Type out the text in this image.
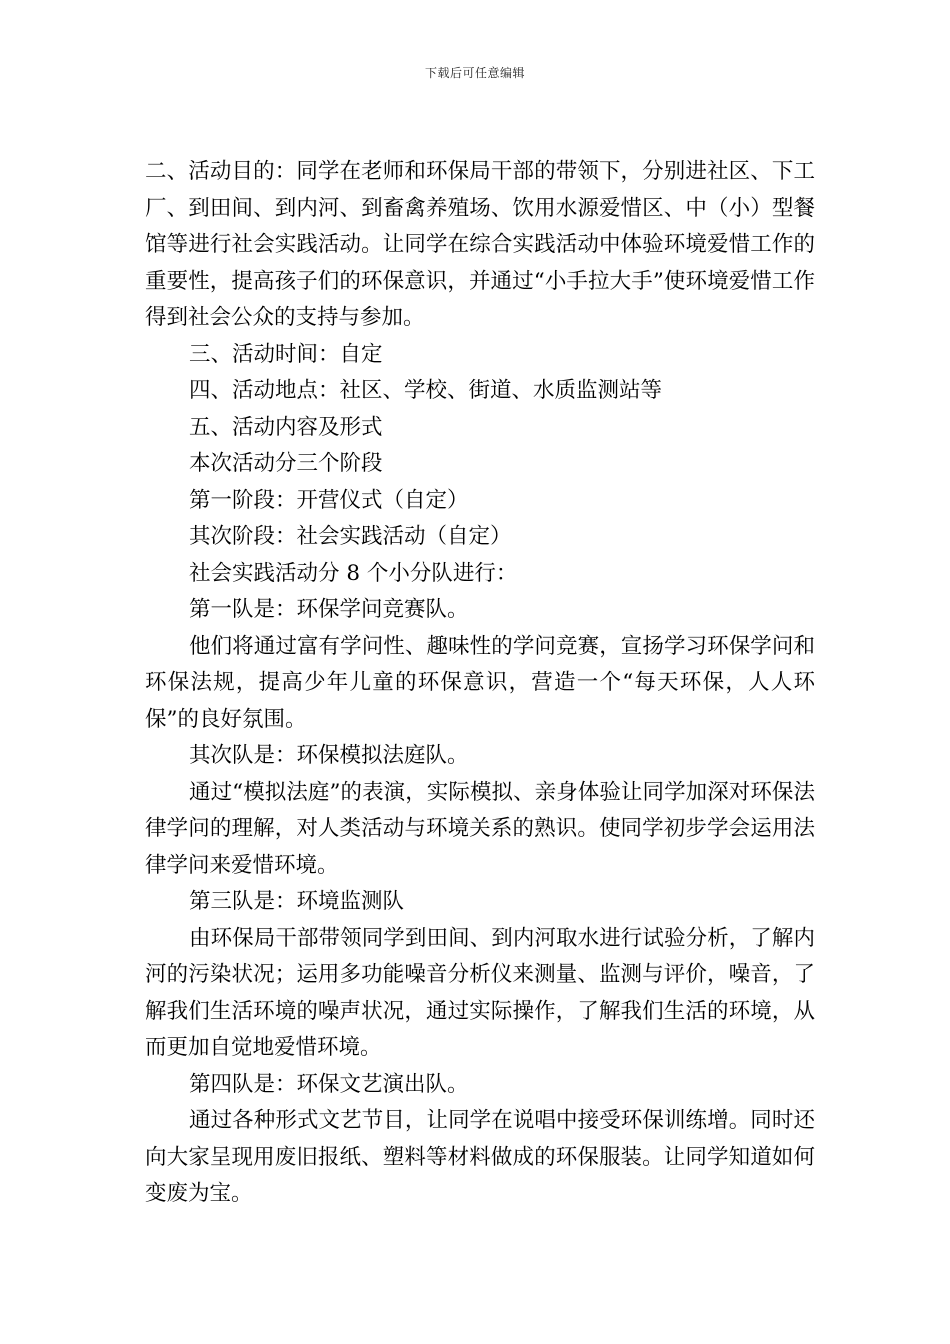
下载后可任意编辑

二、活动目的：同学在老师和环保局干部的带领下，分别进社区、下工厂、到田间、到内河、到畜禽养殖场、饮用水源爱惜区、中（小）型餐馆等进行社会实践活动。让同学在综合实践活动中体验环境爱惜工作的重要性，提高孩子们的环保意识，并通过“小手拉大手”使环境爱惜工作得到社会公众的支持与参加。

三、活动时间：自定

四、活动地点：社区、学校、街道、水质监测站等

五、活动内容及形式

本次活动分三个阶段

第一阶段：开营仪式（自定）

其次阶段：社会实践活动（自定）

社会实践活动分 8 个小分队进行：

第一队是：环保学问竞赛队。

他们将通过富有学问性、趣味性的学问竞赛，宣扬学习环保学问和环保法规，提高少年儿童的环保意识，营造一个“每天环保，人人环保”的良好氛围。

其次队是：环保模拟法庭队。

通过“模拟法庭”的表演，实际模拟、亲身体验让同学加深对环保法律学问的理解，对人类活动与环境关系的熟识。使同学初步学会运用法律学问来爱惜环境。

第三队是：环境监测队

由环保局干部带领同学到田间、到内河取水进行试验分析，了解内河的污染状况；运用多功能噪音分析仪来测量、监测与评价，噪音，了解我们生活环境的噪声状况，通过实际操作，了解我们生活的环境，从而更加自觉地爱惜环境。

第四队是：环保文艺演出队。

通过各种形式文艺节目，让同学在说唱中接受环保训练增。同时还向大家呈现用废旧报纸、塑料等材料做成的环保服装。让同学知道如何变废为宝。
